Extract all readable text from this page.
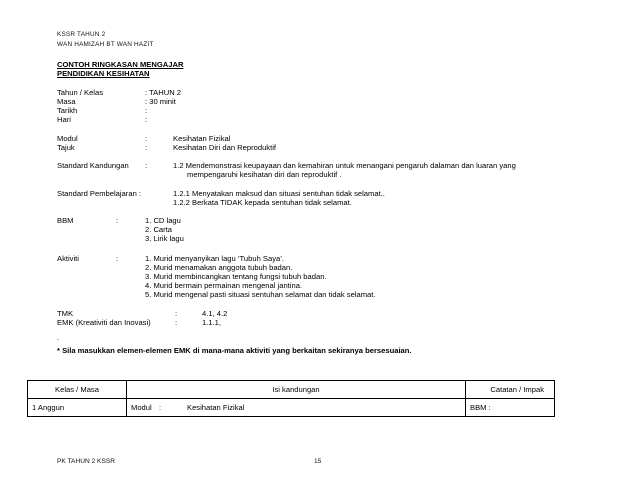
KSSR TAHUN 2
WAN HAMIZAH BT WAN HAZIT
CONTOH RINGKASAN MENGAJAR
PENDIDIKAN KESIHATAN
Tahun / Kelas	: TAHUN 2
Masa	: 30 minit
Tarikh	:
Hari	:
Modul	:	Kesihatan Fizikal
Tajuk	:	Kesihatan Diri dan Reproduktif
Standard Kandungan :	1.2 Mendemonstrasi keupayaan dan kemahiran untuk menangani pengaruh dalaman dan luaran yang
mempengaruhi kesihatan diri dan reproduktif .
Standard Pembelajaran :	1.2.1 Menyatakan maksud dan situasi sentuhan tidak selamat..
1.2.2 Berkata TIDAK kepada sentuhan tidak selamat.
BBM	:	1. CD lagu
2. Carta
3. Lirik lagu
Aktiviti	:	1. Murid menyanyikan lagu ‘Tubuh Saya’.
2. Murid menamakan anggota tubuh badan.
3. Murid membincangkan tentang fungsi tubuh badan.
4. Murid bermain permainan mengenal jantina.
5. Murid mengenal pasti situasi sentuhan selamat dan tidak selamat.
TMK	:	4.1, 4.2
EMK (Kreativiti dan Inovasi)	:	1.1.1,
.
* Sila masukkan elemen-elemen EMK di mana-mana aktiviti yang berkaitan sekiranya bersesuaian.
Kelas / Masa	Isi kandungan	Catatan / Impak
1 Anggun	Modul : Kesihatan Fizikal	BBM :
PK TAHUN 2 KSSR	15
